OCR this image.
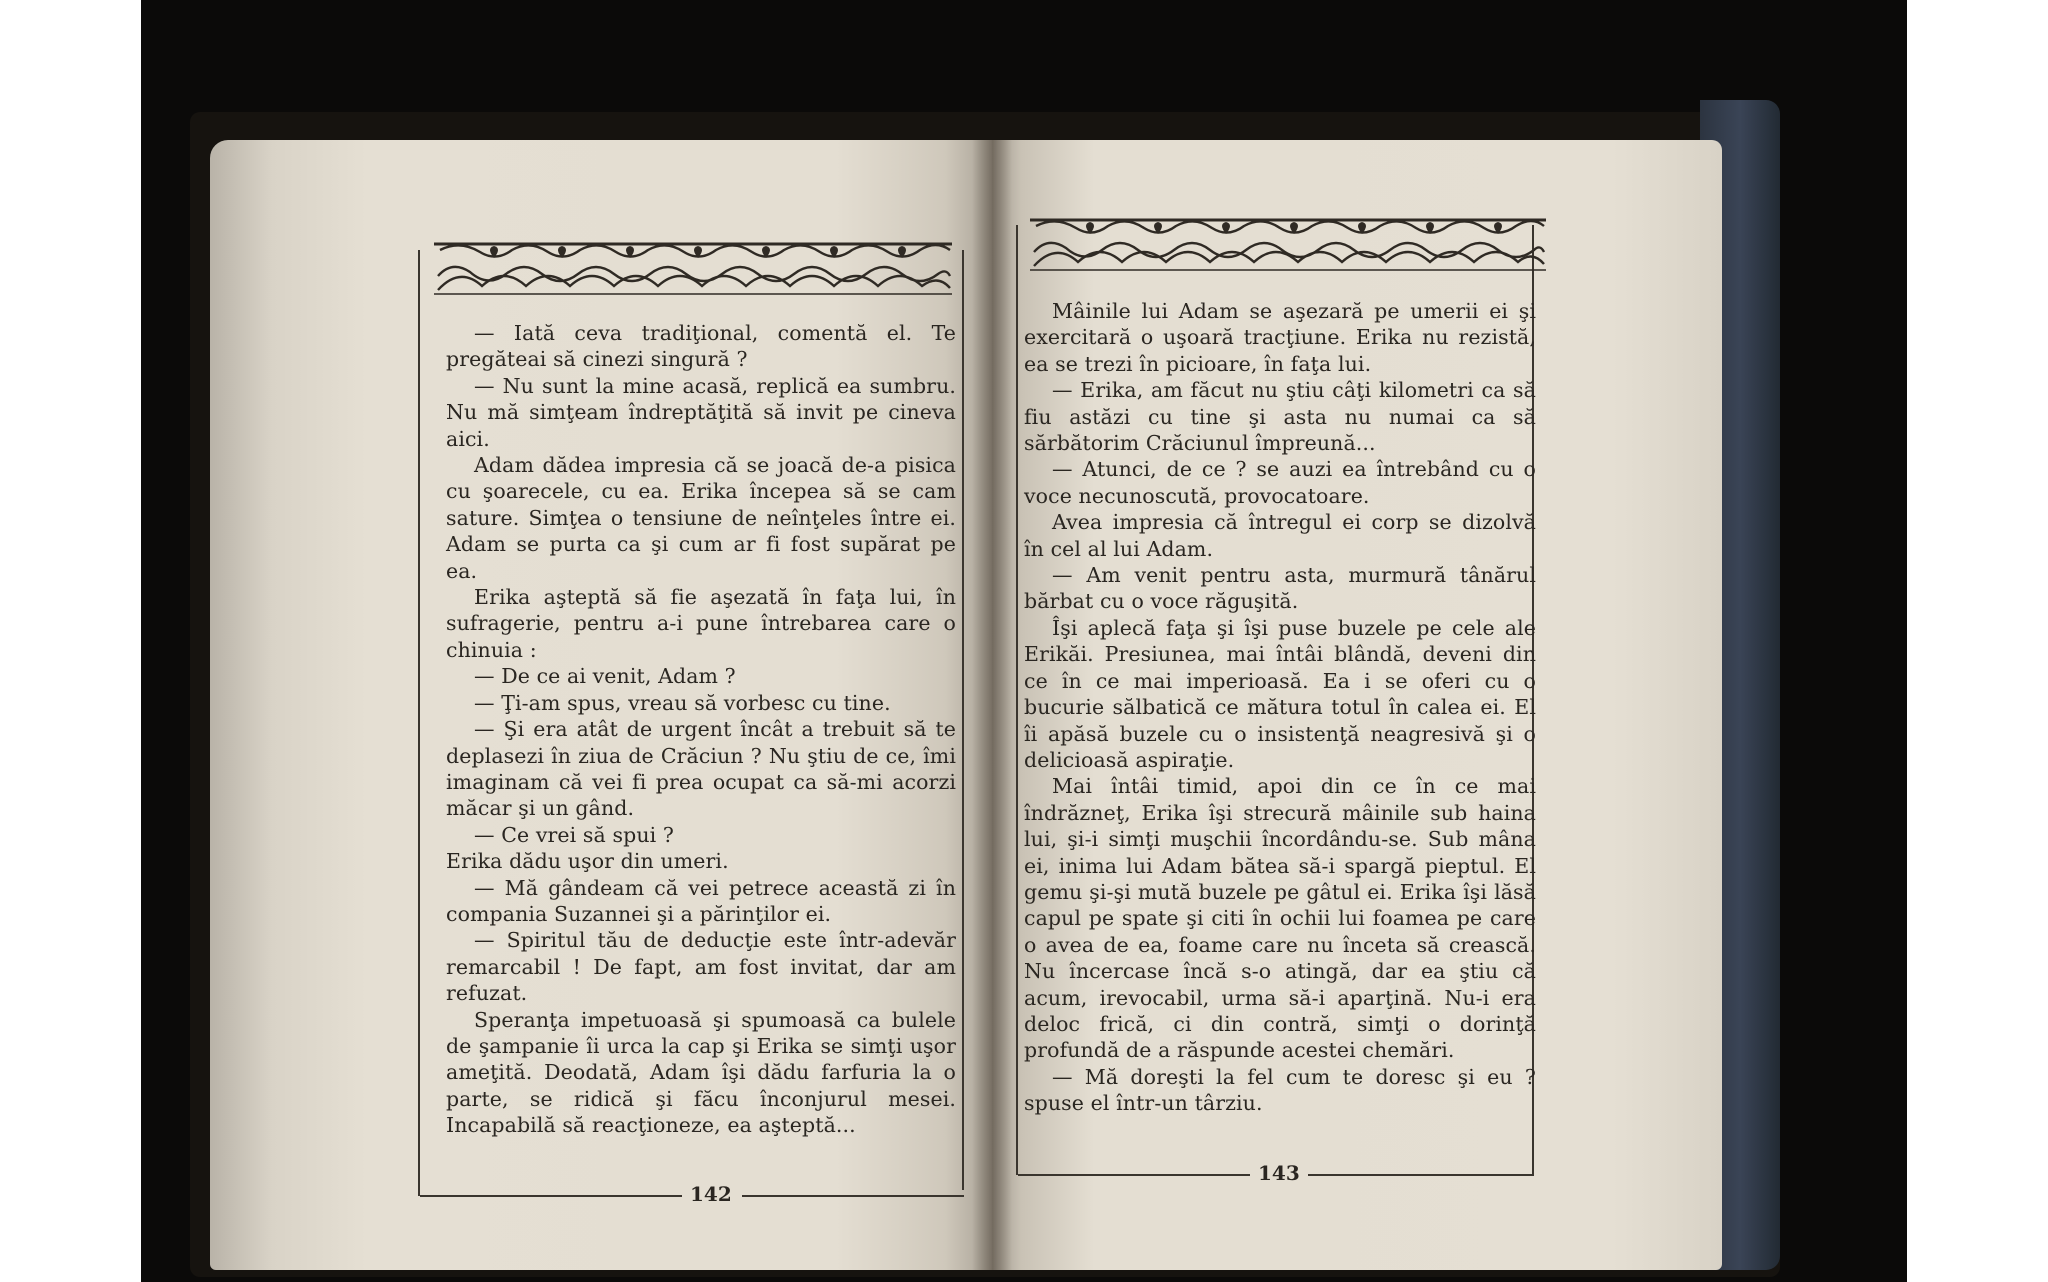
— Iată ceva tradiţional, comentă el. Te pregăteai să cinezi singură ?

— Nu sunt la mine acasă, replică ea sumbru. Nu mă simţeam îndreptăţită să invit pe cineva aici.

Adam dădea impresia că se joacă de-a pisica cu şoarecele, cu ea. Erika începea să se cam sature. Simţea o tensiune de neînţeles între ei. Adam se purta ca şi cum ar fi fost supărat pe ea.

Erika aşteptă să fie aşezată în faţa lui, în sufragerie, pentru a-i pune întrebarea care o chinuia :

— De ce ai venit, Adam ?

— Ţi-am spus, vreau să vorbesc cu tine.

— Şi era atât de urgent încât a trebuit să te deplasezi în ziua de Crăciun ? Nu ştiu de ce, îmi imaginam că vei fi prea ocupat ca să-mi acorzi măcar şi un gând.

— Ce vrei să spui ?

Erika dădu uşor din umeri.

— Mă gândeam că vei petrece această zi în compania Suzannei şi a părinţilor ei.

— Spiritul tău de deducţie este într-adevăr remarcabil ! De fapt, am fost invitat, dar am refuzat.

Speranţa impetuoasă şi spumoasă ca bulele de şampanie îi urca la cap şi Erika se simţi uşor ameţită. Deodată, Adam îşi dădu farfuria la o parte, se ridică şi făcu înconjurul mesei. Incapabilă să reacţioneze, ea aşteptă...

142

Mâinile lui Adam se aşezară pe umerii ei şi exercitară o uşoară tracţiune. Erika nu rezistă, ea se trezi în picioare, în faţa lui.

— Erika, am făcut nu ştiu câţi kilometri ca să fiu astăzi cu tine şi asta nu numai ca să sărbătorim Crăciunul împreună...

— Atunci, de ce ? se auzi ea întrebând cu o voce necunoscută, provocatoare.

Avea impresia că întregul ei corp se dizolvă în cel al lui Adam.

— Am venit pentru asta, murmură tânărul bărbat cu o voce răguşită.

Îşi aplecă faţa şi îşi puse buzele pe cele ale Erikăi. Presiunea, mai întâi blândă, deveni din ce în ce mai imperioasă. Ea i se oferi cu o bucurie sălbatică ce mătura totul în calea ei. El îi apăsă buzele cu o insistenţă neagresivă şi o delicioasă aspiraţie.

Mai întâi timid, apoi din ce în ce mai îndrăzneţ, Erika îşi strecură mâinile sub haina lui, şi-i simţi muşchii încordându-se. Sub mâna ei, inima lui Adam bătea să-i spargă pieptul. El gemu şi-şi mută buzele pe gâtul ei. Erika îşi lăsă capul pe spate şi citi în ochii lui foamea pe care o avea de ea, foame care nu înceta să crească. Nu încercase încă s-o atingă, dar ea ştiu că acum, irevocabil, urma să-i aparţină. Nu-i era deloc frică, ci din contră, simţi o dorinţă profundă de a răspunde acestei chemări.

— Mă doreşti la fel cum te doresc şi eu ? spuse el într-un târziu.

143
